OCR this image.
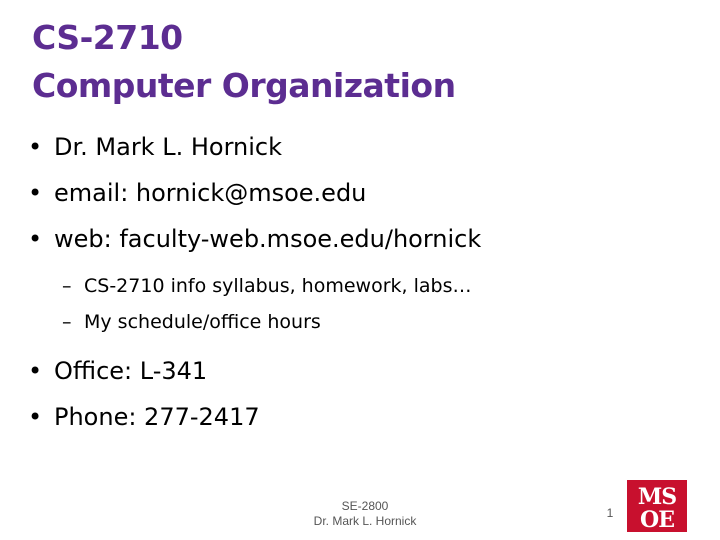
CS-2710
Computer Organization
• Dr. Mark L. Hornick
• email: hornick@msoe.edu
• web: faculty-web.msoe.edu/hornick
– CS-2710 info syllabus, homework, labs…
– My schedule/office hours
• Office: L-341
• Phone: 277-2417
SE-2800
Dr. Mark L. Hornick
1
MS
OE
